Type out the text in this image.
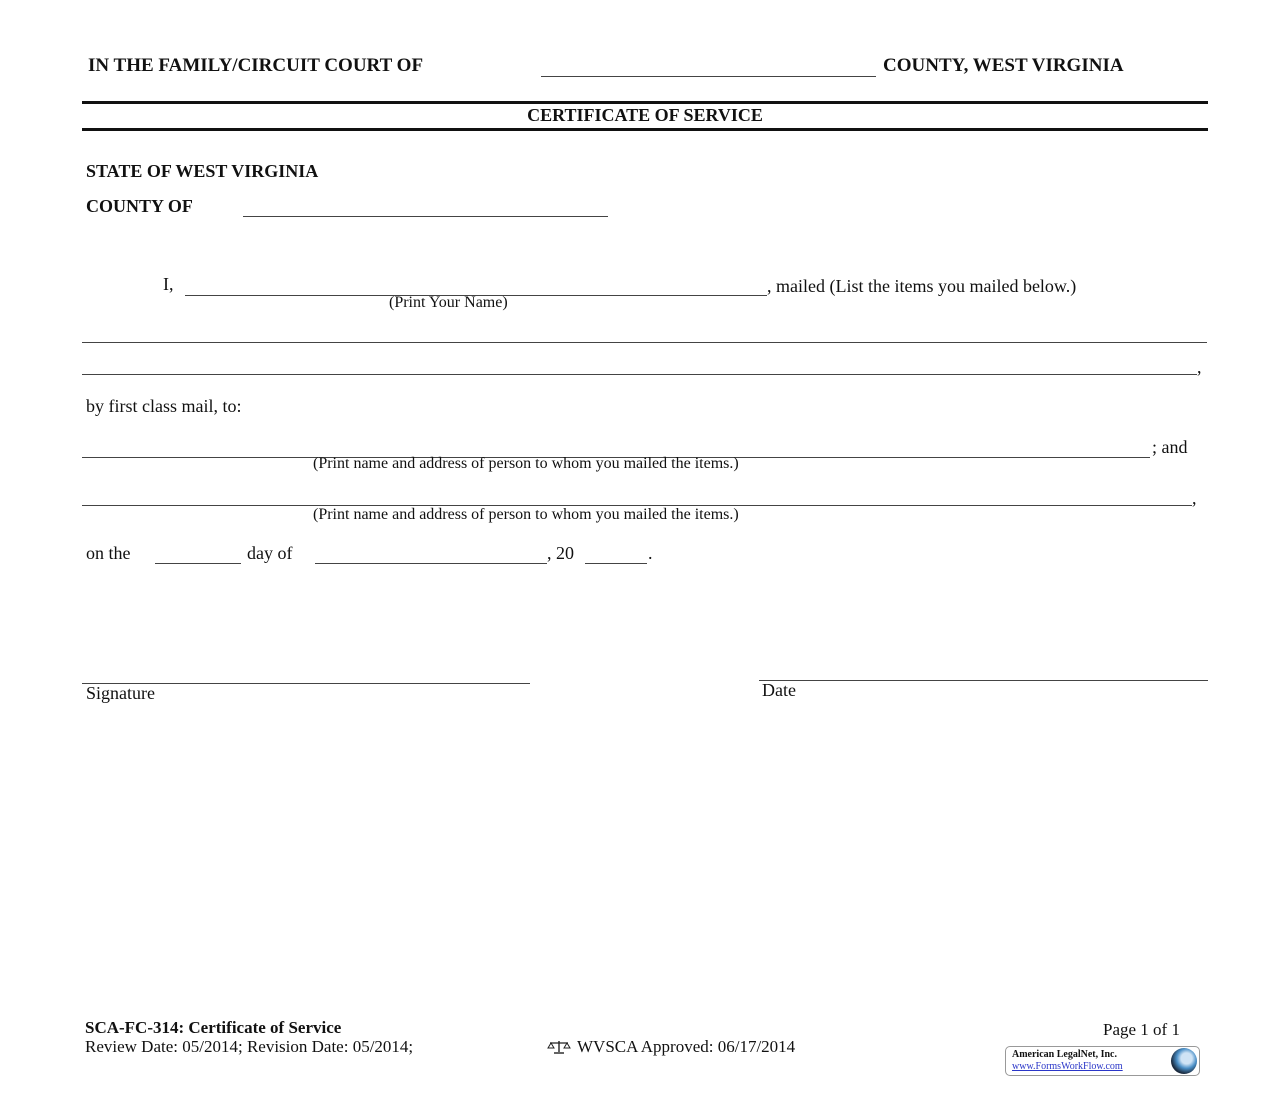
IN THE FAMILY/CIRCUIT COURT OF	COUNTY, WEST VIRGINIA
CERTIFICATE OF SERVICE
STATE OF WEST VIRGINIA
COUNTY OF
I,	, mailed (List the items you mailed below.)
(Print Your Name)
,
by first class mail, to:
; and
(Print name and address of person to whom you mailed the items.)
,
(Print name and address of person to whom you mailed the items.)
on the	day of	, 20	.
Signature	Date
SCA-FC-314: Certificate of Service
Review Date: 05/2014; Revision Date: 05/2014;	WVSCA Approved: 06/17/2014
Page 1 of 1
American LegalNet, Inc.
www.FormsWorkFlow.com
